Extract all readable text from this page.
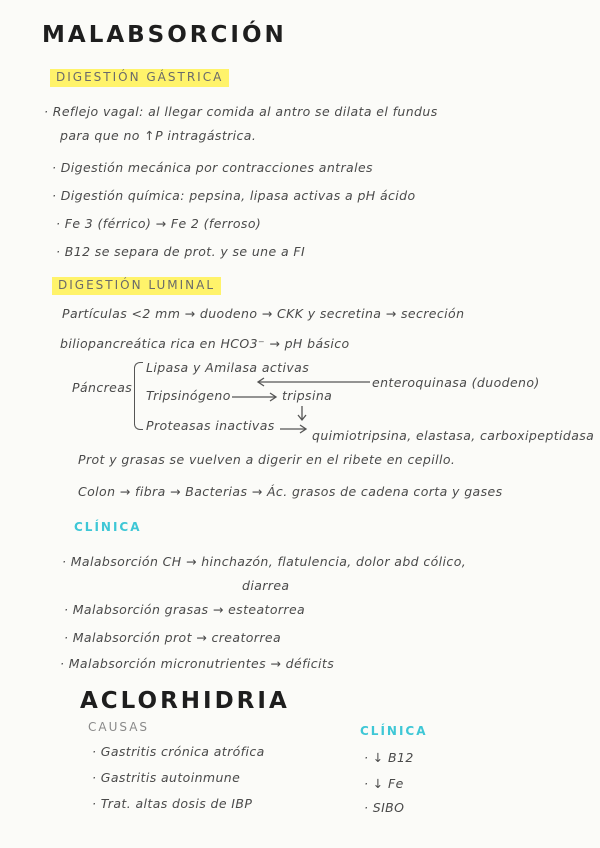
MALABSORCIÓN
DIGESTIÓN GÁSTRICA
· Reflejo vagal: al llegar comida al antro se dilata el fundus
para que no ↑P intragástrica.
· Digestión mecánica por contracciones antrales
· Digestión química: pepsina, lipasa activas a pH ácido
· Fe 3 (férrico) → Fe 2 (ferroso)
· B12 se separa de prot. y se une a FI
DIGESTIÓN LUMINAL
Partículas <2 mm → duodeno → CKK y secretina → secreción
biliopancreática rica en HCO3⁻ → pH básico
Páncreas
Lipasa y Amilasa activas
Tripsinógeno	tripsina
enteroquinasa (duodeno)
Proteasas inactivas
quimiotripsina, elastasa, carboxipeptidasa
Prot y grasas se vuelven a digerir en el ribete en cepillo.
Colon → fibra → Bacterias → Ác. grasos de cadena corta y gases
CLÍNICA
· Malabsorción CH → hinchazón, flatulencia, dolor abd cólico,
diarrea
· Malabsorción grasas → esteatorrea
· Malabsorción prot → creatorrea
· Malabsorción micronutrientes → déficits
ACLORHIDRIA
CAUSAS
· Gastritis crónica atrófica
· Gastritis autoinmune
· Trat. altas dosis de IBP
CLÍNICA
· ↓ B12
· ↓ Fe
· SIBO
